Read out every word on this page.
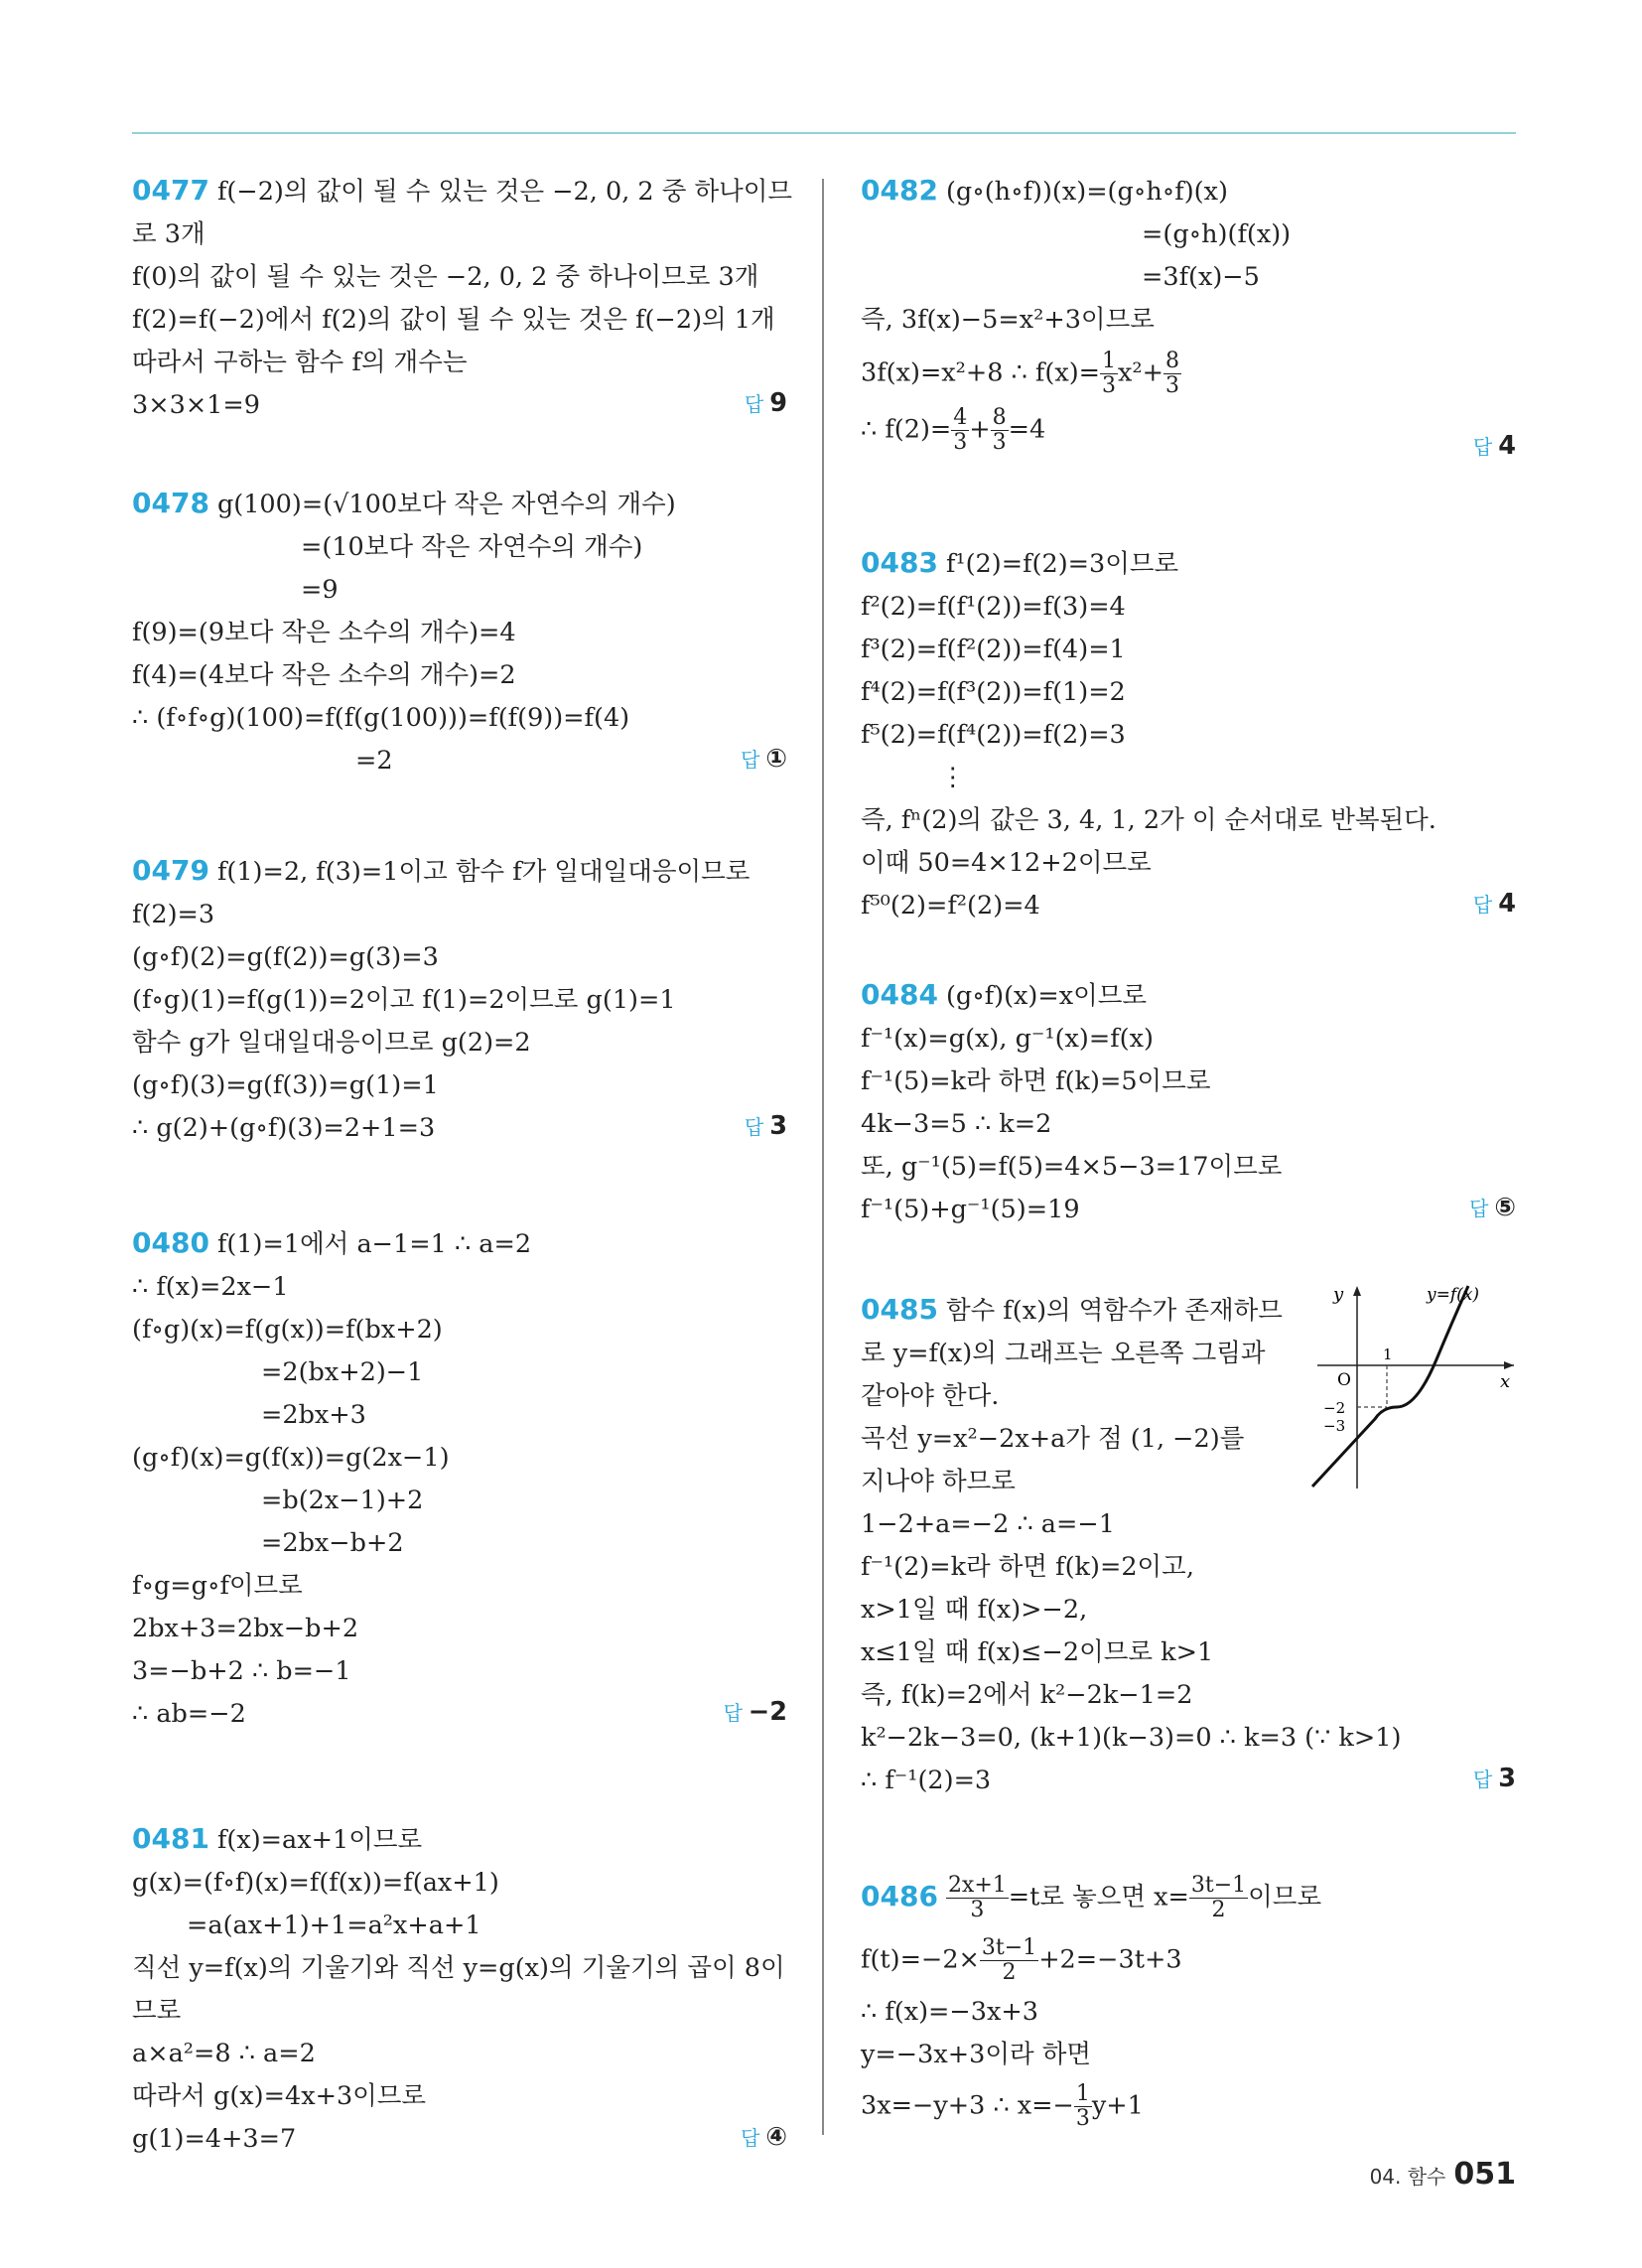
0477 f(−2)의 값이 될 수 있는 것은 −2, 0, 2 중 하나이므
로 3개
f(0)의 값이 될 수 있는 것은 −2, 0, 2 중 하나이므로 3개
f(2)=f(−2)에서 f(2)의 값이 될 수 있는 것은 f(−2)의 1개
따라서 구하는 함수 f의 개수는
3×3×1=9	답 9
0478 g(100)=(√100보다 작은 자연수의 개수)
=(10보다 작은 자연수의 개수)
=9
f(9)=(9보다 작은 소수의 개수)=4
f(4)=(4보다 작은 소수의 개수)=2
∴ (f∘f∘g)(100)=f(f(g(100)))=f(f(9))=f(4)
=2	답 ①
0479 f(1)=2, f(3)=1이고 함수 f가 일대일대응이므로
f(2)=3
(g∘f)(2)=g(f(2))=g(3)=3
(f∘g)(1)=f(g(1))=2이고 f(1)=2이므로 g(1)=1
함수 g가 일대일대응이므로 g(2)=2
(g∘f)(3)=g(f(3))=g(1)=1
∴ g(2)+(g∘f)(3)=2+1=3	답 3
0480 f(1)=1에서 a−1=1 ∴ a=2
∴ f(x)=2x−1
(f∘g)(x)=f(g(x))=f(bx+2)
=2(bx+2)−1
=2bx+3
(g∘f)(x)=g(f(x))=g(2x−1)
=b(2x−1)+2
=2bx−b+2
f∘g=g∘f이므로
2bx+3=2bx−b+2
3=−b+2 ∴ b=−1
∴ ab=−2	답 −2
0481 f(x)=ax+1이므로
g(x)=(f∘f)(x)=f(f(x))=f(ax+1)
=a(ax+1)+1=a²x+a+1
직선 y=f(x)의 기울기와 직선 y=g(x)의 기울기의 곱이 8이
므로
a×a²=8 ∴ a=2
따라서 g(x)=4x+3이므로
g(1)=4+3=7	답 ④
0482 (g∘(h∘f))(x)=(g∘h∘f)(x)
=(g∘h)(f(x))
=3f(x)−5
즉, 3f(x)−5=x²+3이므로
3f(x)=x²+8 ∴ $f(x)= \frac{1}{3} x^2+ \frac{8}{3}$
∴ $f(2)= \frac{4}{3} + \frac{8}{3} =4$
답 4
0483 f¹(2)=f(2)=3이므로
f²(2)=f(f¹(2))=f(3)=4
f³(2)=f(f²(2))=f(4)=1
f⁴(2)=f(f³(2))=f(1)=2
f⁵(2)=f(f⁴(2))=f(2)=3
⋮
즉, fⁿ(2)의 값은 3, 4, 1, 2가 이 순서대로 반복된다.
이때 50=4×12+2이므로
f⁵⁰(2)=f²(2)=4	답 4
0484 (g∘f)(x)=x이므로
f⁻¹(x)=g(x), g⁻¹(x)=f(x)
f⁻¹(5)=k라 하면 f(k)=5이므로
4k−3=5 ∴ k=2
또, g⁻¹(5)=f(5)=4×5−3=17이므로
f⁻¹(5)+g⁻¹(5)=19	답 ⑤
0485 함수 f(x)의 역함수가 존재하므
로 y=f(x)의 그래프는 오른쪽 그림과
같아야 한다.
곡선 y=x²−2x+a가 점 (1, −2)를
지나야 하므로
1−2+a=−2 ∴ a=−1
f⁻¹(2)=k라 하면 f(k)=2이고,
x>1일 때 f(x)>−2,
x≤1일 때 f(x)≤−2이므로 k>1
즉, f(k)=2에서 k²−2k−1=2
k²−2k−3=0, (k+1)(k−3)=0 ∴ k=3 (∵ k>1)
∴ f⁻¹(2)=3	답 3
y
x
O
1
−2
−3
y=f(x)
$0486 \frac{2x+1}{3} =t$로 놓으면 $x= \frac{3t-1}{2}$ 이므로
$f(t)=-2\times \frac{3t-1}{2} +2=-3t+3$
∴ f(x)=−3x+3
y=−3x+3이라 하면
3x=−y+3 ∴ $x=- \frac{1}{3} y+1$
04. 함수 051
